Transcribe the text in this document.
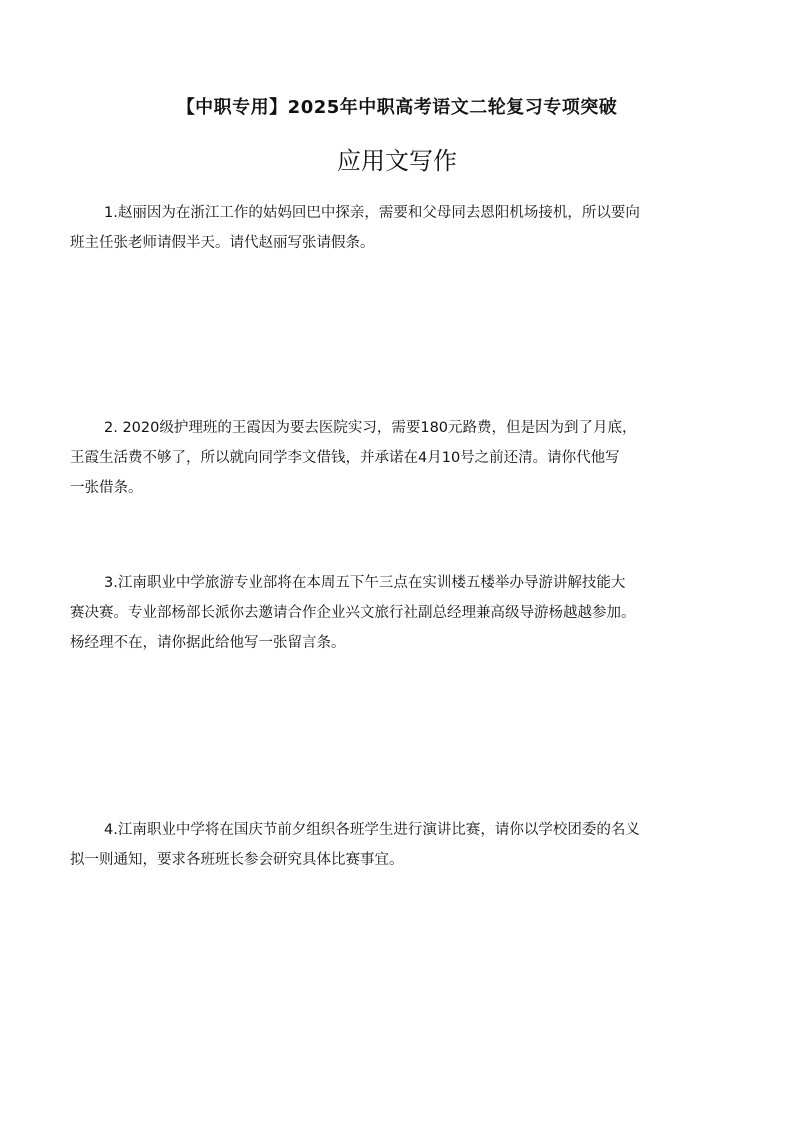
【中职专用】2025年中职高考语文二轮复习专项突破
应用文写作
1.赵丽因为在浙江工作的姑妈回巴中探亲，需要和父母同去恩阳机场接机，所以要向
班主任张老师请假半天。请代赵丽写张请假条。
2. 2020级护理班的王霞因为要去医院实习，需要180元路费，但是因为到了月底，
王霞生活费不够了，所以就向同学李文借钱，并承诺在4月10号之前还清。请你代他写
一张借条。
3.江南职业中学旅游专业部将在本周五下午三点在实训楼五楼举办导游讲解技能大
赛决赛。专业部杨部长派你去邀请合作企业兴文旅行社副总经理兼高级导游杨越越参加。
杨经理不在，请你据此给他写一张留言条。
4.江南职业中学将在国庆节前夕组织各班学生进行演讲比赛，请你以学校团委的名义
拟一则通知，要求各班班长参会研究具体比赛事宜。
